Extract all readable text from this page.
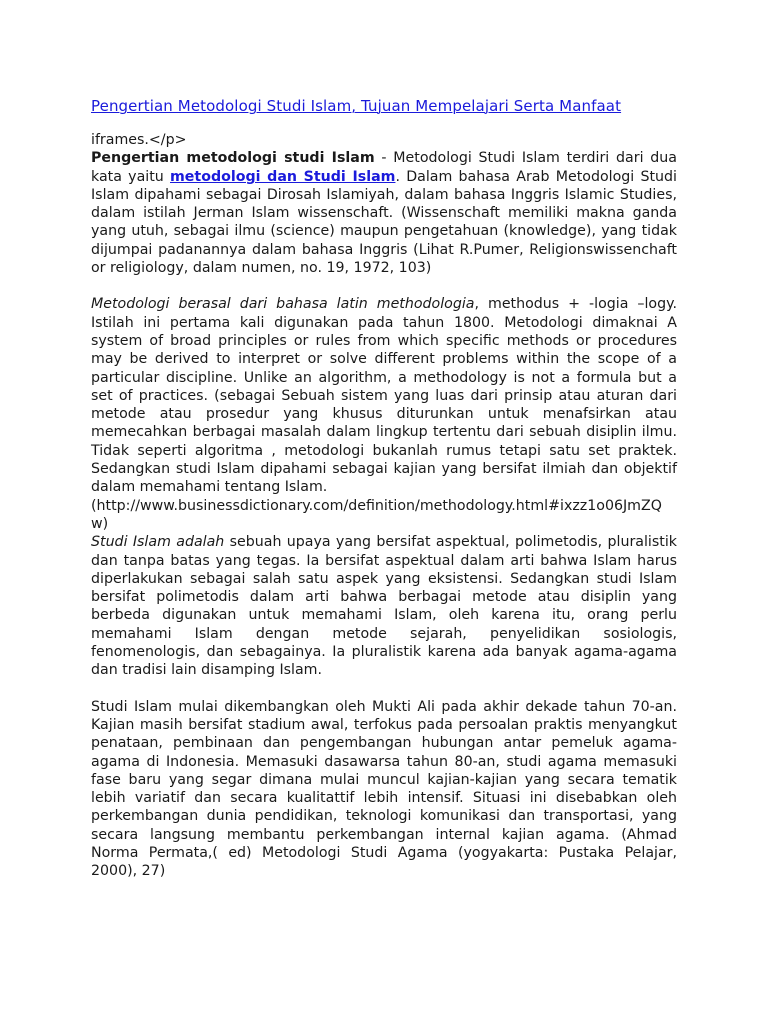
Pengertian Metodologi Studi Islam, Tujuan Mempelajari Serta Manfaat

iframes.</p>

Pengertian metodologi studi Islam - Metodologi Studi Islam terdiri dari dua kata yaitu metodologi dan Studi Islam. Dalam bahasa Arab Metodologi Studi Islam dipahami sebagai Dirosah Islamiyah, dalam bahasa Inggris Islamic Studies, dalam istilah Jerman Islam wissenschaft. (Wissenschaft memiliki makna ganda yang utuh, sebagai ilmu (science) maupun pengetahuan (knowledge), yang tidak dijumpai padanannya dalam bahasa Inggris (Lihat R.Pumer, Religionswissenchaft or religiology, dalam numen, no. 19, 1972, 103)

Metodologi berasal dari bahasa latin methodologia, methodus + -logia –logy. Istilah ini pertama kali digunakan pada tahun 1800. Metodologi dimaknai A system of broad principles or rules from which specific methods or procedures may be derived to interpret or solve different problems within the scope of a particular discipline. Unlike an algorithm, a methodology is not a formula but a set of practices. (sebagai Sebuah sistem yang luas dari prinsip atau aturan dari metode atau prosedur yang khusus diturunkan untuk menafsirkan atau memecahkan berbagai masalah dalam lingkup tertentu dari sebuah disiplin ilmu. Tidak seperti algoritma , metodologi bukanlah rumus tetapi satu set praktek. Sedangkan studi Islam dipahami sebagai kajian yang bersifat ilmiah dan objektif dalam memahami tentang Islam.

(http://www.businessdictionary.com/definition/methodology.html#ixzz1o06JmZQw)

Studi Islam adalah sebuah upaya yang bersifat aspektual, polimetodis, pluralistik dan tanpa batas yang tegas. Ia bersifat aspektual dalam arti bahwa Islam harus diperlakukan sebagai salah satu aspek yang eksistensi. Sedangkan studi Islam bersifat polimetodis dalam arti bahwa berbagai metode atau disiplin yang berbeda digunakan untuk memahami Islam, oleh karena itu, orang perlu memahami Islam dengan metode sejarah, penyelidikan sosiologis, fenomenologis, dan sebagainya. Ia pluralistik karena ada banyak agama-agama dan tradisi lain disamping Islam.

Studi Islam mulai dikembangkan oleh Mukti Ali pada akhir dekade tahun 70-an. Kajian masih bersifat stadium awal, terfokus pada persoalan praktis menyangkut penataan, pembinaan dan pengembangan hubungan antar pemeluk agama-agama di Indonesia. Memasuki dasawarsa tahun 80-an, studi agama memasuki fase baru yang segar dimana mulai muncul kajian-kajian yang secara tematik lebih variatif dan secara kualitattif lebih intensif. Situasi ini disebabkan oleh perkembangan dunia pendidikan, teknologi komunikasi dan transportasi, yang secara langsung membantu perkembangan internal kajian agama. (Ahmad Norma Permata,( ed) Metodologi Studi Agama (yogyakarta: Pustaka Pelajar, 2000), 27)
